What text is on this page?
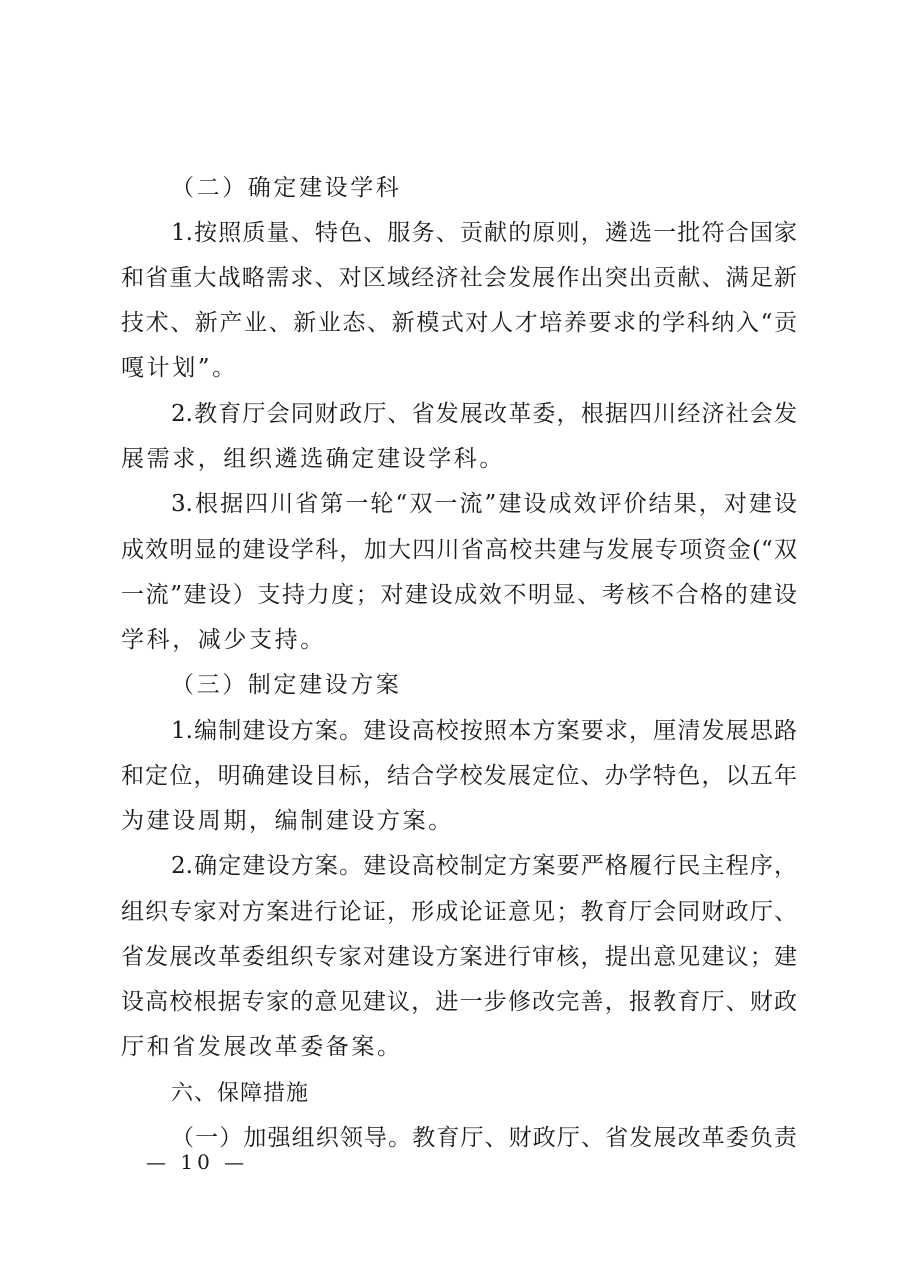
（二）确定建设学科
1.按照质量、特色、服务、贡献的原则，遴选一批符合国家
和省重大战略需求、对区域经济社会发展作出突出贡献、满足新
技术、新产业、新业态、新模式对人才培养要求的学科纳入“贡
嘎计划”。
2.教育厅会同财政厅、省发展改革委，根据四川经济社会发
展需求，组织遴选确定建设学科。
3.根据四川省第一轮“双一流”建设成效评价结果，对建设
成效明显的建设学科，加大四川省高校共建与发展专项资金(“双
一流”建设）支持力度；对建设成效不明显、考核不合格的建设
学科，减少支持。
（三）制定建设方案
1.编制建设方案。建设高校按照本方案要求，厘清发展思路
和定位，明确建设目标，结合学校发展定位、办学特色，以五年
为建设周期，编制建设方案。
2.确定建设方案。建设高校制定方案要严格履行民主程序，
组织专家对方案进行论证，形成论证意见；教育厅会同财政厅、
省发展改革委组织专家对建设方案进行审核，提出意见建议；建
设高校根据专家的意见建议，进一步修改完善，报教育厅、财政
厅和省发展改革委备案。
六、保障措施
（一）加强组织领导。教育厅、财政厅、省发展改革委负责
— 10 —
